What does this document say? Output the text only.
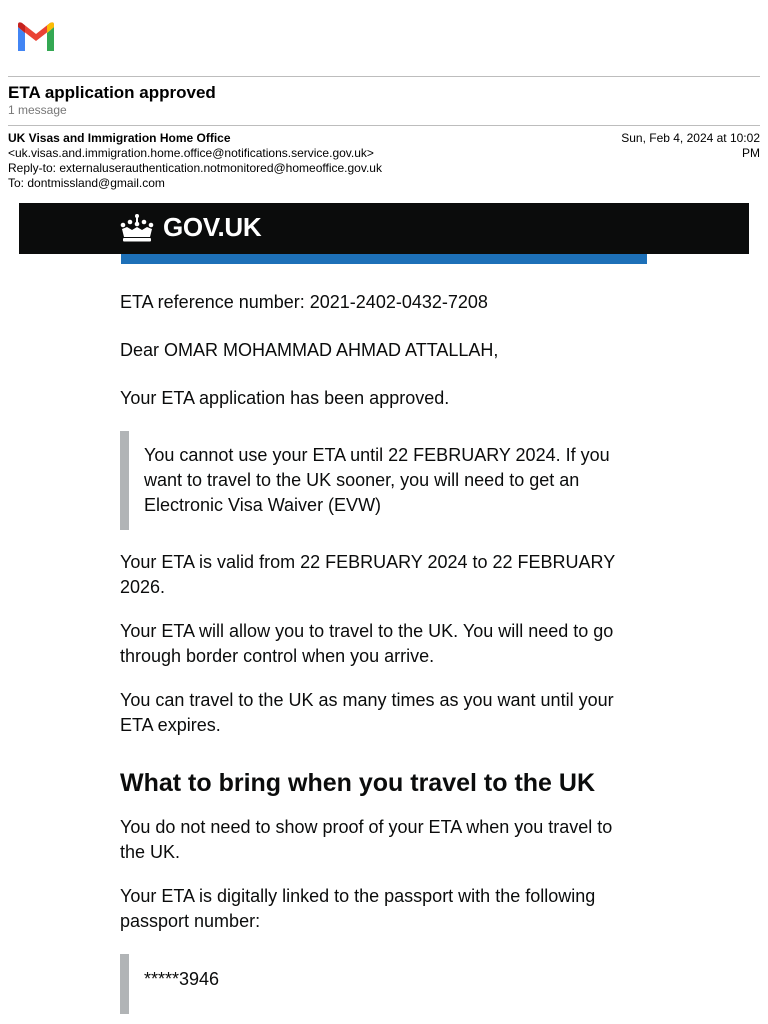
ETA application approved
1 message
UK Visas and Immigration Home Office	Sun, Feb 4, 2024 at 10:02 PM
<uk.visas.and.immigration.home.office@notifications.service.gov.uk>
Reply-to: externaluserauthentication.notmonitored@homeoffice.gov.uk
To: dontmissland@gmail.com
GOV.UK

ETA reference number: 2021-2402-0432-7208

Dear OMAR MOHAMMAD AHMAD ATTALLAH,

Your ETA application has been approved.

You cannot use your ETA until 22 FEBRUARY 2024. If you want to travel to the UK sooner, you will need to get an Electronic Visa Waiver (EVW)

Your ETA is valid from 22 FEBRUARY 2024 to 22 FEBRUARY 2026.

Your ETA will allow you to travel to the UK. You will need to go through border control when you arrive.

You can travel to the UK as many times as you want until your ETA expires.

What to bring when you travel to the UK

You do not need to show proof of your ETA when you travel to the UK.

Your ETA is digitally linked to the passport with the following passport number:

*****3946
